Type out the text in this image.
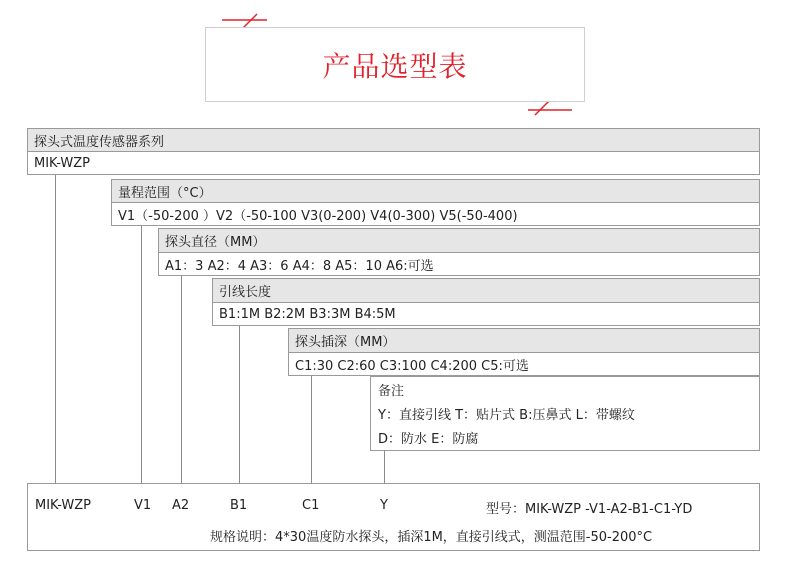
产品选型表
探头式温度传感器系列
MIK-WZP
量程范围（°C）
V1（-50-200 ）V2（-50-100 V3(0-200) V4(0-300) V5(-50-400)
探头直径（MM）
A1：3 A2：4 A3：6 A4：8 A5：10 A6:可选
引线长度
B1:1M B2:2M B3:3M B4:5M
探头插深（MM）
C1:30 C2:60 C3:100 C4:200 C5:可选
备注
Y：直接引线 T：贴片式 B:压鼻式 L：带螺纹
D：防水 E：防腐
MIK-WZP	V1 A2	B1	C1	Y	型号：MIK-WZP -V1-A2-B1-C1-YD
规格说明：4*30温度防水探头，插深1M，直接引线式，测温范围-50-200°C
